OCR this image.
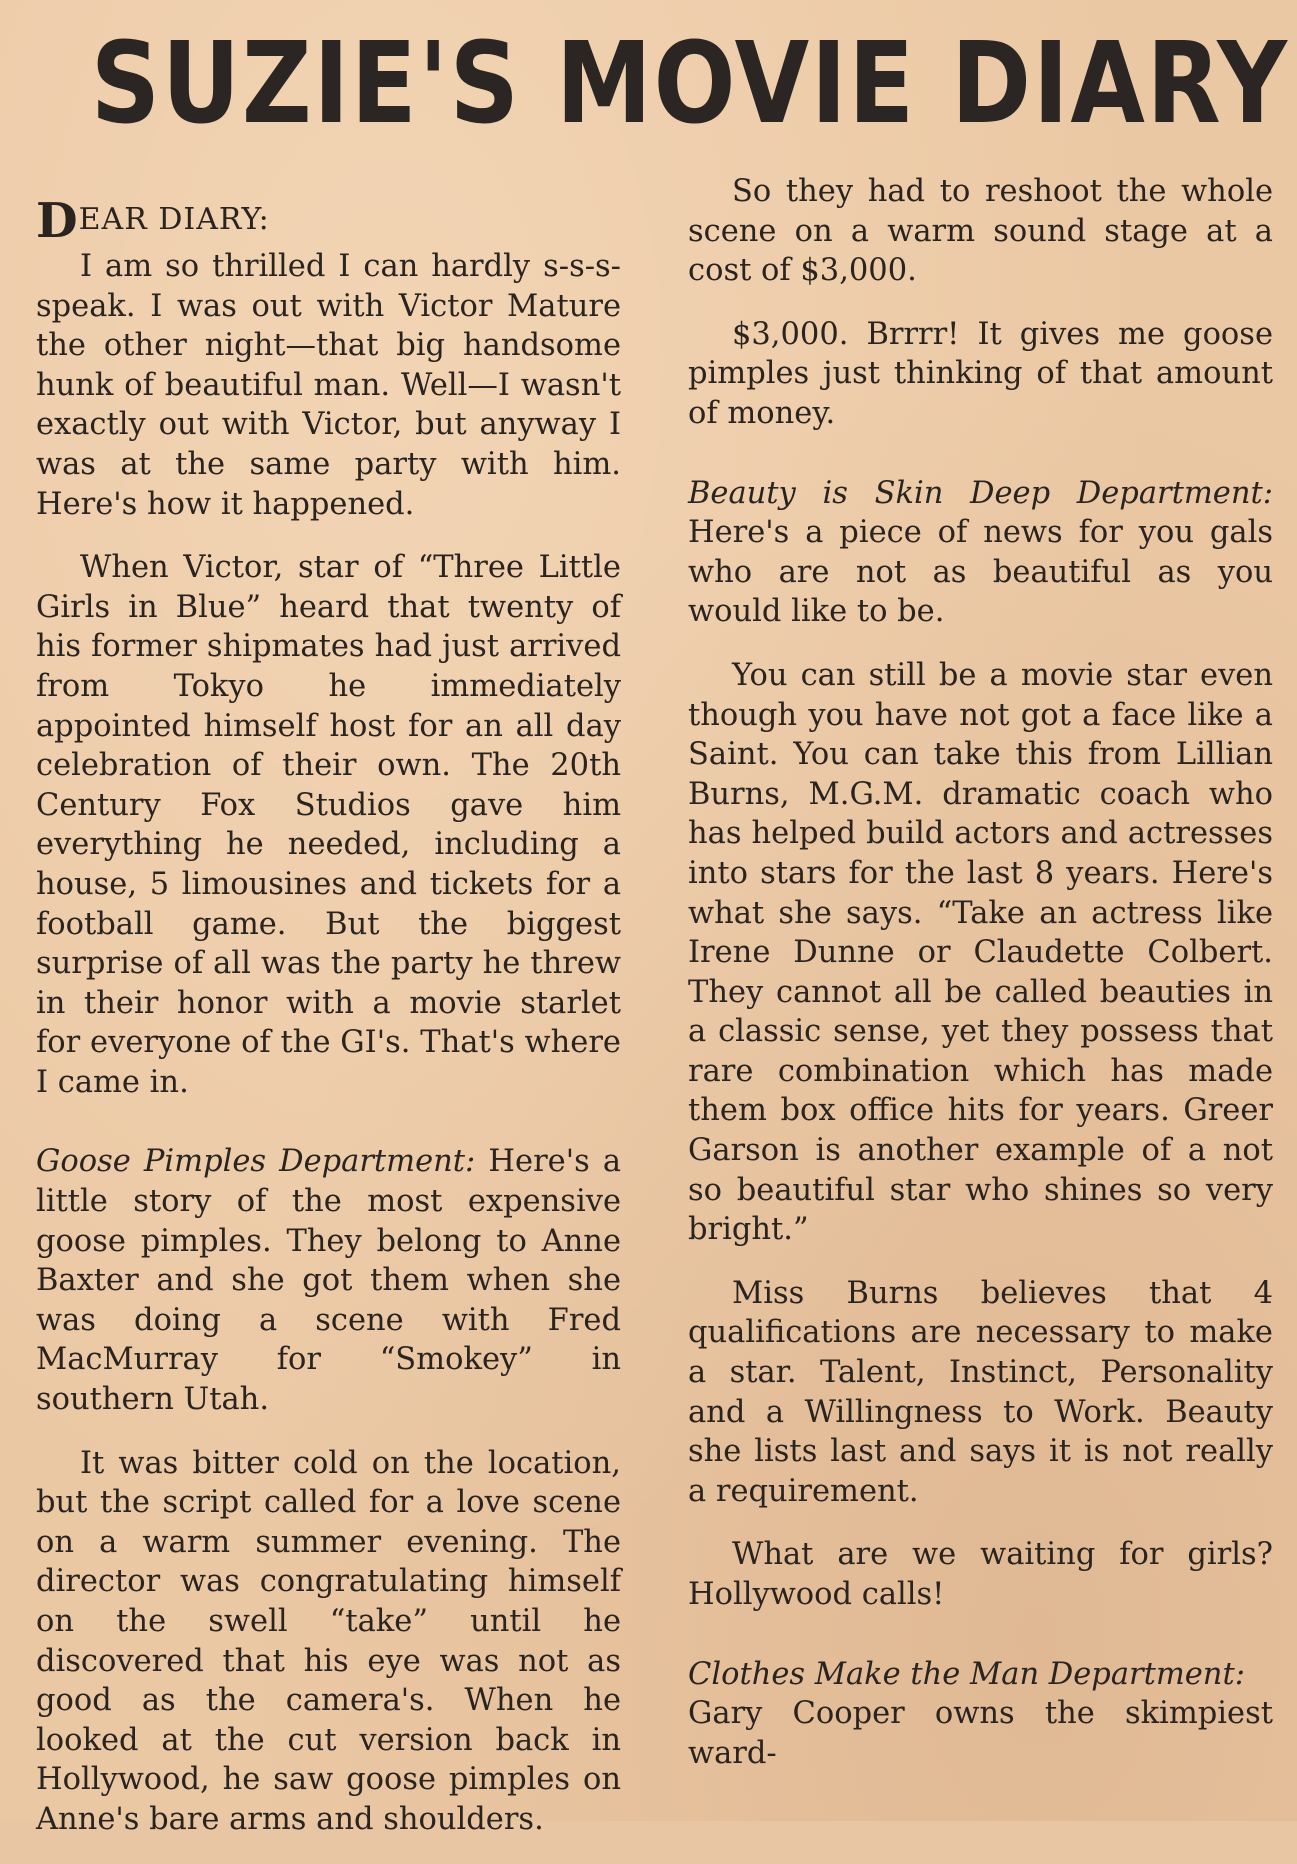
SUZIE'S MOVIE DIARY
DEAR DIARY:

I am so thrilled I can hardly s-s-s-speak. I was out with Victor Mature the other night—that big handsome hunk of beautiful man. Well—I wasn't exactly out with Victor, but anyway I was at the same party with him. Here's how it happened.

When Victor, star of “Three Little Girls in Blue” heard that twenty of his former shipmates had just arrived from Tokyo he immediately appointed himself host for an all day celebration of their own. The 20th Century Fox Studios gave him everything he needed, including a house, 5 limousines and tickets for a football game. But the biggest surprise of all was the party he threw in their honor with a movie starlet for everyone of the GI's. That's where I came in.

Goose Pimples Department: Here's a little story of the most expensive goose pimples. They belong to Anne Baxter and she got them when she was doing a scene with Fred MacMurray for “Smokey” in southern Utah.

It was bitter cold on the location, but the script called for a love scene on a warm summer evening. The director was congratulating himself on the swell “take” until he discovered that his eye was not as good as the camera's. When he looked at the cut version back in Hollywood, he saw goose pimples on Anne's bare arms and shoulders.

So they had to reshoot the whole scene on a warm sound stage at a cost of $3,000.

$3,000. Brrrr! It gives me goose pimples just thinking of that amount of money.

Beauty is Skin Deep Department: Here's a piece of news for you gals who are not as beautiful as you would like to be.

You can still be a movie star even though you have not got a face like a Saint. You can take this from Lillian Burns, M.G.M. dramatic coach who has helped build actors and actresses into stars for the last 8 years. Here's what she says. “Take an actress like Irene Dunne or Claudette Colbert. They cannot all be called beauties in a classic sense, yet they possess that rare combination which has made them box office hits for years. Greer Garson is another example of a not so beautiful star who shines so very bright.”

Miss Burns believes that 4 qualifications are necessary to make a star. Talent, Instinct, Personality and a Willingness to Work. Beauty she lists last and says it is not really a requirement.

What are we waiting for girls? Hollywood calls!

Clothes Make the Man Department:
Gary Cooper owns the skimpiest ward-
